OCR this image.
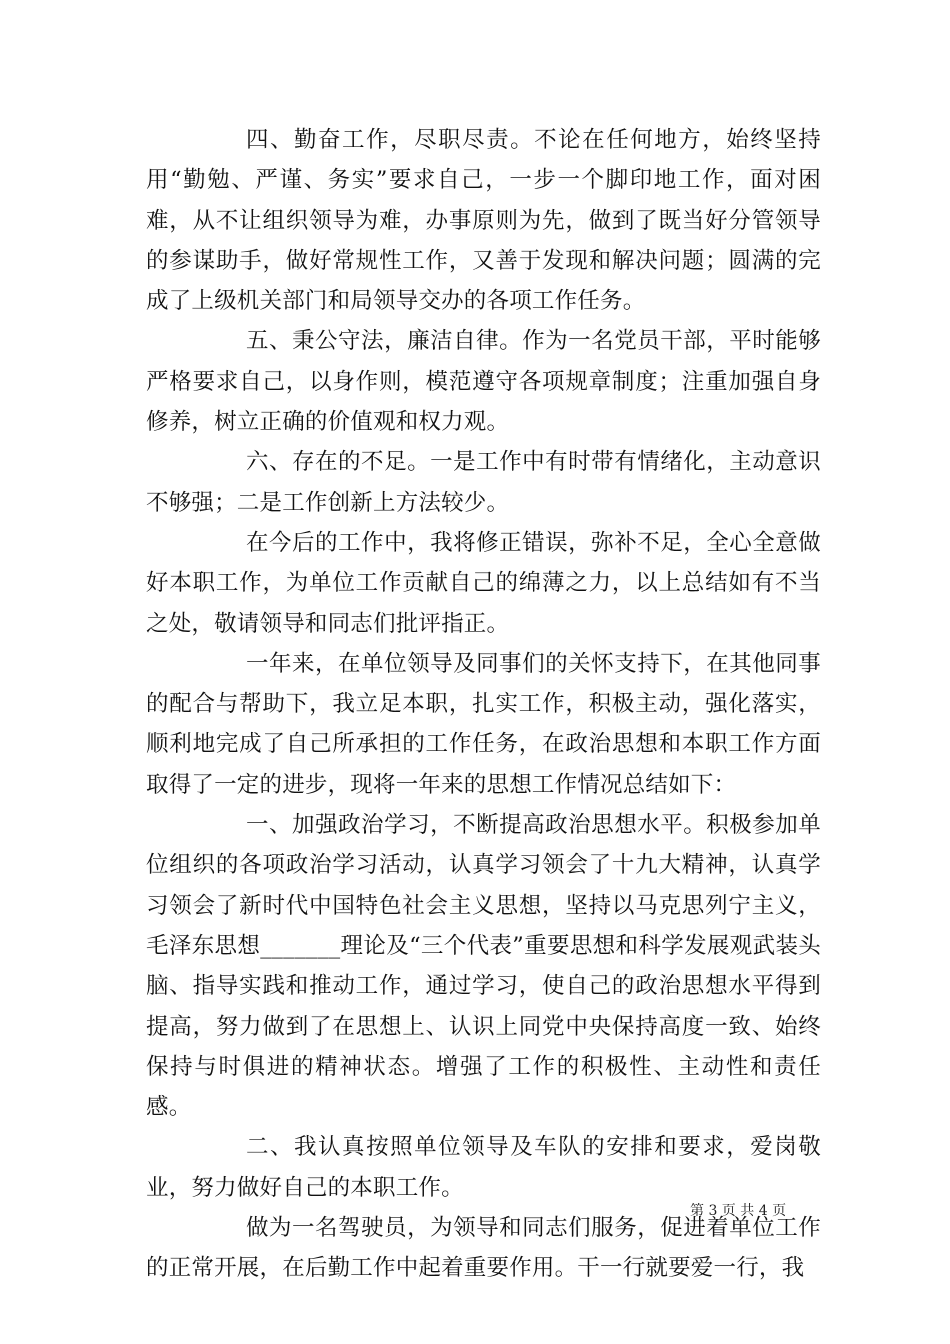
四、勤奋工作，尽职尽责。不论在任何地方，始终坚持用“勤勉、严谨、务实”要求自己，一步一个脚印地工作，面对困难，从不让组织领导为难，办事原则为先，做到了既当好分管领导的参谋助手，做好常规性工作，又善于发现和解决问题；圆满的完成了上级机关部门和局领导交办的各项工作任务。

五、秉公守法，廉洁自律。作为一名党员干部，平时能够严格要求自己，以身作则，模范遵守各项规章制度；注重加强自身修养，树立正确的价值观和权力观。

六、存在的不足。一是工作中有时带有情绪化，主动意识不够强；二是工作创新上方法较少。

在今后的工作中，我将修正错误，弥补不足，全心全意做好本职工作，为单位工作贡献自己的绵薄之力，以上总结如有不当之处，敬请领导和同志们批评指正。

一年来，在单位领导及同事们的关怀支持下，在其他同事的配合与帮助下，我立足本职，扎实工作，积极主动，强化落实，顺利地完成了自己所承担的工作任务，在政治思想和本职工作方面取得了一定的进步，现将一年来的思想工作情况总结如下：

一、加强政治学习，不断提高政治思想水平。积极参加单位组织的各项政治学习活动，认真学习领会了十九大精神，认真学习领会了新时代中国特色社会主义思想，坚持以马克思列宁主义，毛泽东思想_______理论及“三个代表”重要思想和科学发展观武装头脑、指导实践和推动工作，通过学习，使自己的政治思想水平得到提高，努力做到了在思想上、认识上同党中央保持高度一致、始终保持与时俱进的精神状态。增强了工作的积极性、主动性和责任感。

二、我认真按照单位领导及车队的安排和要求，爱岗敬业，努力做好自己的本职工作。

做为一名驾驶员，为领导和同志们服务，促进着单位工作的正常开展，在后勤工作中起着重要作用。干一行就要爱一行，我

第 3 页 共 4 页
